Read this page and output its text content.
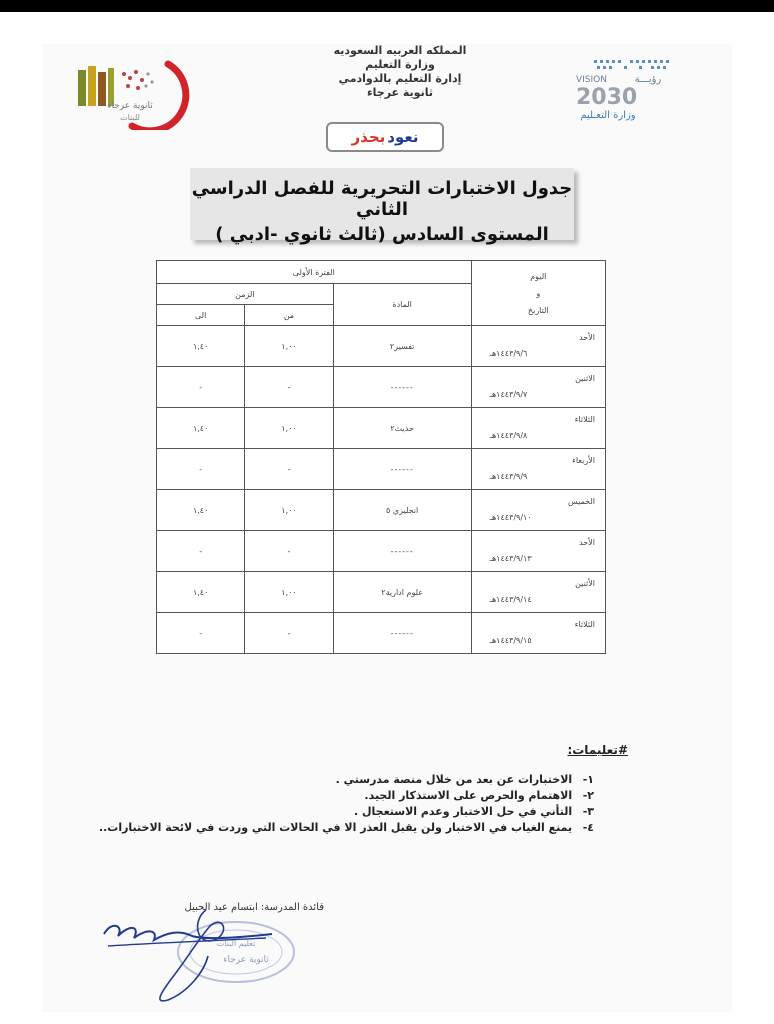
ثانوية عرجاء
للبنات
VISION	رؤيـــة
2030
وزارة التعـليم
المملكه العربيه السعوديه
وزارة التعليم
إدارة التعليم بالدوادمي
ثانوية عرجاء
نعود
بحذر
جدول الاختبارات التحريرية للفصل الدراسي الثاني
المستوى السادس (ثالث ثانوي -ادبي )
اليوم
و
التاريخ	الفترة الأولى		
	المادة	الزمن	
		من	الى

الأحد
١٤٤٣/٩/٦هـ	تفسير٢	١,٠٠	١,٤٠

الاثنين
١٤٤٣/٩/٧هـ	------	-	-

الثلاثاء
١٤٤٣/٩/٨هـ	حديث٢	١,٠٠	١,٤٠

الأربعاء
١٤٤٣/٩/٩هـ	------	-	-

الخميس
١٤٤٣/٩/١٠هـ	انجليزي ٥	١,٠٠	١,٤٠

الأحد
١٤٤٣/٩/١٣هـ	------	-	-

الأثنين
١٤٤٣/٩/١٤هـ	علوم ادارية٢	١,٠٠	١,٤٠

الثلاثاء
١٤٤٣/٩/١٥هـ	------	-	-
#تعليمات:
١- الاختبارات عن بعد من خلال منصة مدرستي .
٢- الاهتمام والحرص على الاستذكار الجيد.
٣- التأني في حل الاختبار وعدم الاستعجال .
٤- يمنع الغياب في الاختبار ولن يقبل العذر الا في الحالات التي وردت في لائحة الاختبارات..
تعليم البنات
ثانوية عرجاء
قائدة المدرسة: ابتسام عيد الحبيل
